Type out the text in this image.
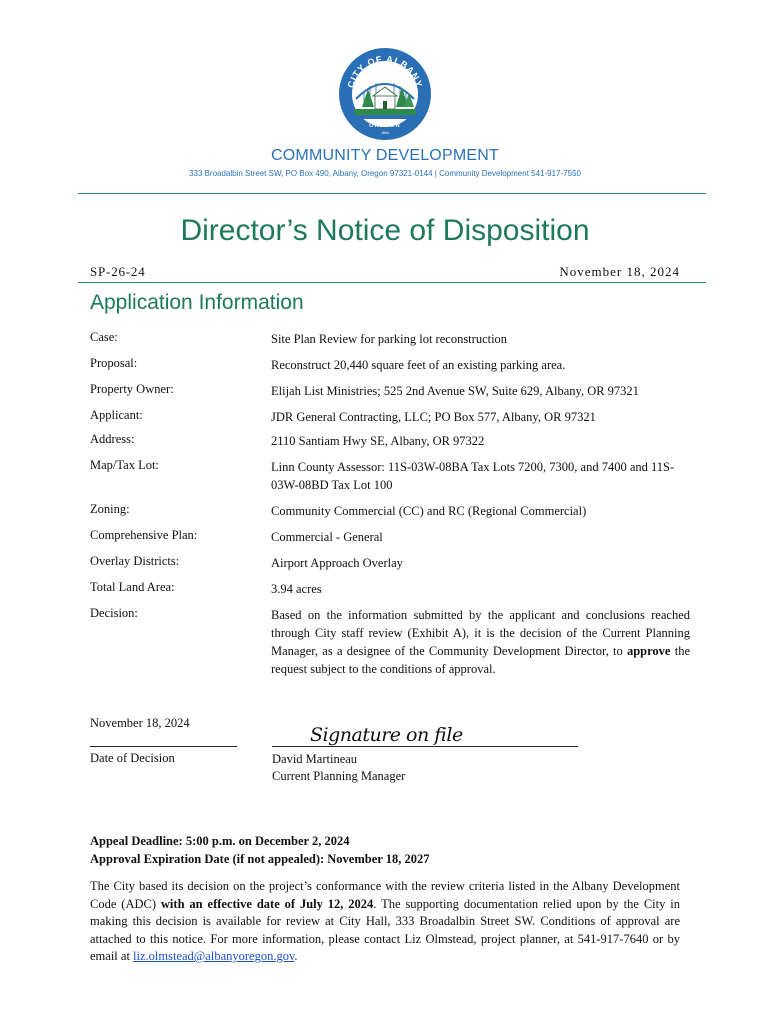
CITY OF ALBANY
OREGON
1864
COMMUNITY DEVELOPMENT
333 Broadalbin Street SW, PO Box 490, Albany, Oregon 97321-0144 | Community Development 541-917-7550
Director’s Notice of Disposition
SP-26-24	November 18, 2024
Application Information
Case:	Site Plan Review for parking lot reconstruction
Proposal:	Reconstruct 20,440 square feet of an existing parking area.
Property Owner:	Elijah List Ministries; 525 2nd Avenue SW, Suite 629, Albany, OR 97321
Applicant:	JDR General Contracting, LLC; PO Box 577, Albany, OR 97321
Address:	2110 Santiam Hwy SE, Albany, OR 97322
Map/Tax Lot:	Linn County Assessor: 11S-03W-08BA Tax Lots 7200, 7300, and 7400 and 11S-03W-08BD Tax Lot 100
Zoning:	Community Commercial (CC) and RC (Regional Commercial)
Comprehensive Plan:	Commercial - General
Overlay Districts:	Airport Approach Overlay
Total Land Area:	3.94 acres
Decision:	Based on the information submitted by the applicant and conclusions reached through City staff review (Exhibit A), it is the decision of the Current Planning Manager, as a designee of the Community Development Director, to approve the request subject to the conditions of approval.
November 18, 2024
Signature on file
Date of Decision	David Martineau
Current Planning Manager
Appeal Deadline: 5:00 p.m. on December 2, 2024
Approval Expiration Date (if not appealed): November 18, 2027
The City based its decision on the project’s conformance with the review criteria listed in the Albany Development Code (ADC) with an effective date of July 12, 2024. The supporting documentation relied upon by the City in making this decision is available for review at City Hall, 333 Broadalbin Street SW. Conditions of approval are attached to this notice. For more information, please contact Liz Olmstead, project planner, at 541-917-7640 or by email at liz.olmstead@albanyoregon.gov.
